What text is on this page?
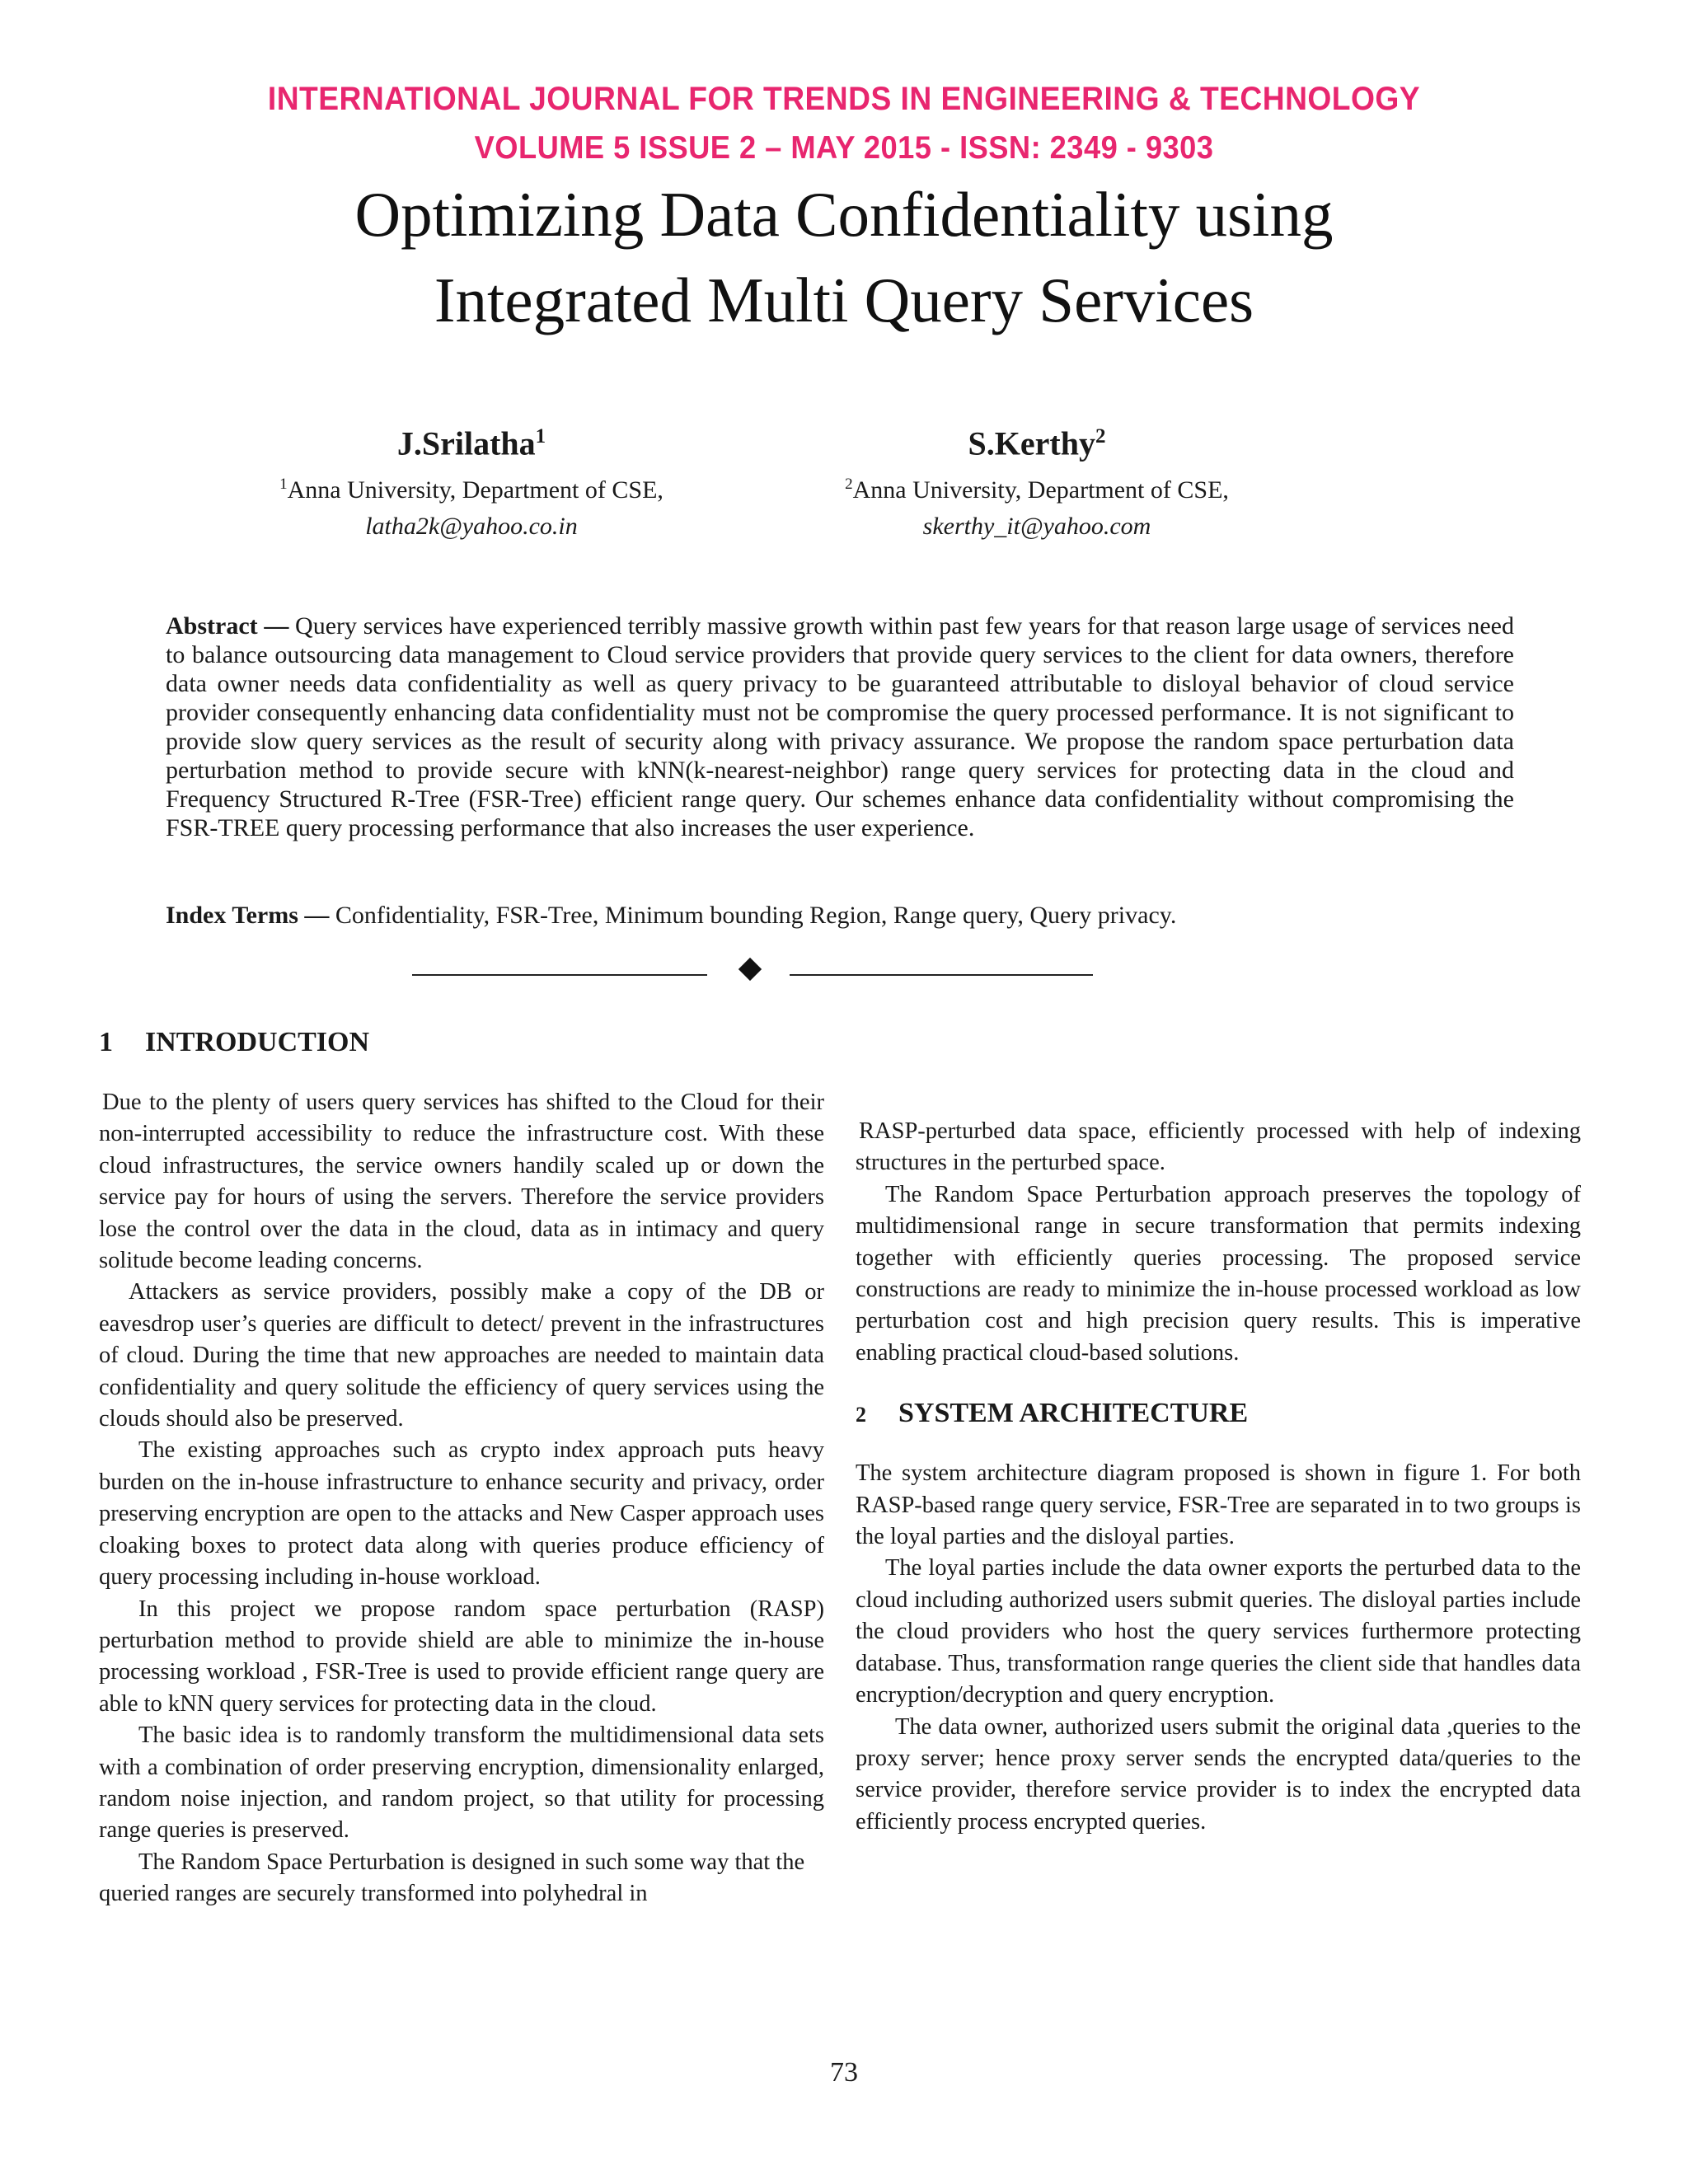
INTERNATIONAL JOURNAL FOR TRENDS IN ENGINEERING & TECHNOLOGY
VOLUME 5 ISSUE 2 – MAY 2015 - ISSN: 2349 - 9303
Optimizing Data Confidentiality using
Integrated Multi Query Services
J.Srilatha$^1$
$^1$Anna University, Department of CSE,
latha2k@yahoo.co.in
S.Kerthy$^2$
$^2$Anna University, Department of CSE,
skerthy_it@yahoo.com
Abstract — Query services have experienced terribly massive growth within past few years for that reason large usage of services need to balance outsourcing data management to Cloud service providers that provide query services to the client for data owners, therefore data owner needs data confidentiality as well as query privacy to be guaranteed attributable to disloyal behavior of cloud service provider consequently enhancing data confidentiality must not be compromise the query processed performance. It is not significant to provide slow query services as the result of security along with privacy assurance. We propose the random space perturbation data perturbation method to provide secure with kNN(k-nearest-neighbor) range query services for protecting data in the cloud and Frequency Structured R-Tree (FSR-Tree) efficient range query. Our schemes enhance data confidentiality without compromising the FSR-TREE query processing performance that also increases the user experience.
Index Terms — Confidentiality, FSR-Tree, Minimum bounding Region, Range query, Query privacy.
1 INTRODUCTION

Due to the plenty of users query services has shifted to the Cloud for their non-interrupted accessibility to reduce the infrastructure cost. With these cloud infrastructures, the service owners handily scaled up or down the service pay for hours of using the servers. Therefore the service providers lose the control over the data in the cloud, data as in intimacy and query solitude become leading concerns.

Attackers as service providers, possibly make a copy of the DB or eavesdrop user’s queries are difficult to detect/ prevent in the infrastructures of cloud. During the time that new approaches are needed to maintain data confidentiality and query solitude the efficiency of query services using the clouds should also be preserved.

The existing approaches such as crypto index approach puts heavy burden on the in-house infrastructure to enhance security and privacy, order preserving encryption are open to the attacks and New Casper approach uses cloaking boxes to protect data along with queries produce efficiency of query processing including in-house workload.

In this project we propose random space perturbation (RASP) perturbation method to provide shield are able to minimize the in-house processing workload , FSR-Tree is used to provide efficient range query are able to kNN query services for protecting data in the cloud.

The basic idea is to randomly transform the multidimensional data sets with a combination of order preserving encryption, dimensionality enlarged, random noise injection, and random project, so that utility for processing range queries is preserved.

The Random Space Perturbation is designed in such some way that the queried ranges are securely transformed into polyhedral in

RASP-perturbed data space, efficiently processed with help of indexing structures in the perturbed space.

The Random Space Perturbation approach preserves the topology of multidimensional range in secure transformation that permits indexing together with efficiently queries processing. The proposed service constructions are ready to minimize the in-house processed workload as low perturbation cost and high precision query results. This is imperative enabling practical cloud-based solutions.

2 SYSTEM ARCHITECTURE

The system architecture diagram proposed is shown in figure 1. For both RASP-based range query service, FSR-Tree are separated in to two groups is the loyal parties and the disloyal parties.

The loyal parties include the data owner exports the perturbed data to the cloud including authorized users submit queries. The disloyal parties include the cloud providers who host the query services furthermore protecting database. Thus, transformation range queries the client side that handles data encryption/decryption and query encryption.

The data owner, authorized users submit the original data ,queries to the proxy server; hence proxy server sends the encrypted data/queries to the service provider, therefore service provider is to index the encrypted data efficiently process encrypted queries.

73
